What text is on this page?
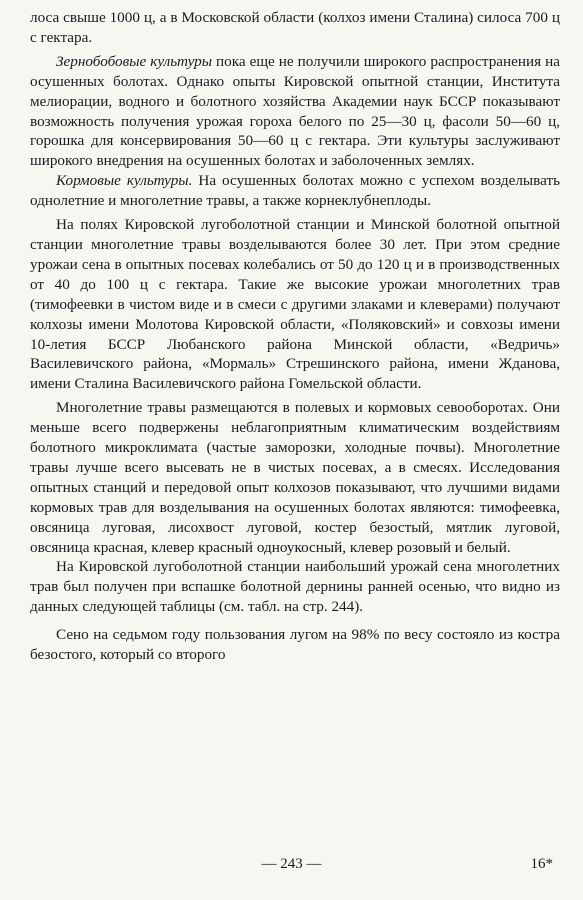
лоса свыше 1000 ц, а в Московской области (колхоз имени Сталина) силоса 700 ц с гектара.

Зернобобовые культуры пока еще не получили широкого распространения на осушенных болотах. Однако опыты Кировской опытной станции, Института мелиорации, водного и болотного хозяйства Академии наук БССР показывают возможность получения урожая гороха белого по 25—30 ц, фасоли 50—60 ц, горошка для консервирования 50—60 ц с гектара. Эти культуры заслуживают широкого внедрения на осушенных болотах и заболоченных землях.

Кормовые культуры. На осушенных болотах можно с успехом возделывать однолетние и многолетние травы, а также корнеклубнеплоды.

На полях Кировской лугоболотной станции и Минской болотной опытной станции многолетние травы возделываются более 30 лет. При этом средние урожаи сена в опытных посевах колебались от 50 до 120 ц и в производственных от 40 до 100 ц с гектара. Такие же высокие урожаи многолетних трав (тимофеевки в чистом виде и в смеси с другими злаками и клеверами) получают колхозы имени Молотова Кировской области, «Поляковский» и совхозы имени 10-летия БССР Любанского района Минской области, «Ведричь» Василевичского района, «Мормаль» Стрешинского района, имени Жданова, имени Сталина Василевичского района Гомельской области.

Многолетние травы размещаются в полевых и кормовых севооборотах. Они меньше всего подвержены неблагоприятным климатическим воздействиям болотного микроклимата (частые заморозки, холодные почвы). Многолетние травы лучше всего высевать не в чистых посевах, а в смесях. Исследования опытных станций и передовой опыт колхозов показывают, что лучшими видами кормовых трав для возделывания на осушенных болотах являются: тимофеевка, овсяница луговая, лисохвост луговой, костер безостый, мятлик луговой, овсяница красная, клевер красный одноукосный, клевер розовый и белый.

На Кировской лугоболотной станции наибольший урожай сена многолетних трав был получен при вспашке болотной дернины ранней осенью, что видно из данных следующей таблицы (см. табл. на стр. 244).

Сено на седьмом году пользования лугом на 98% по весу состояло из костра безостого, который со второго

— 243 —	16*
